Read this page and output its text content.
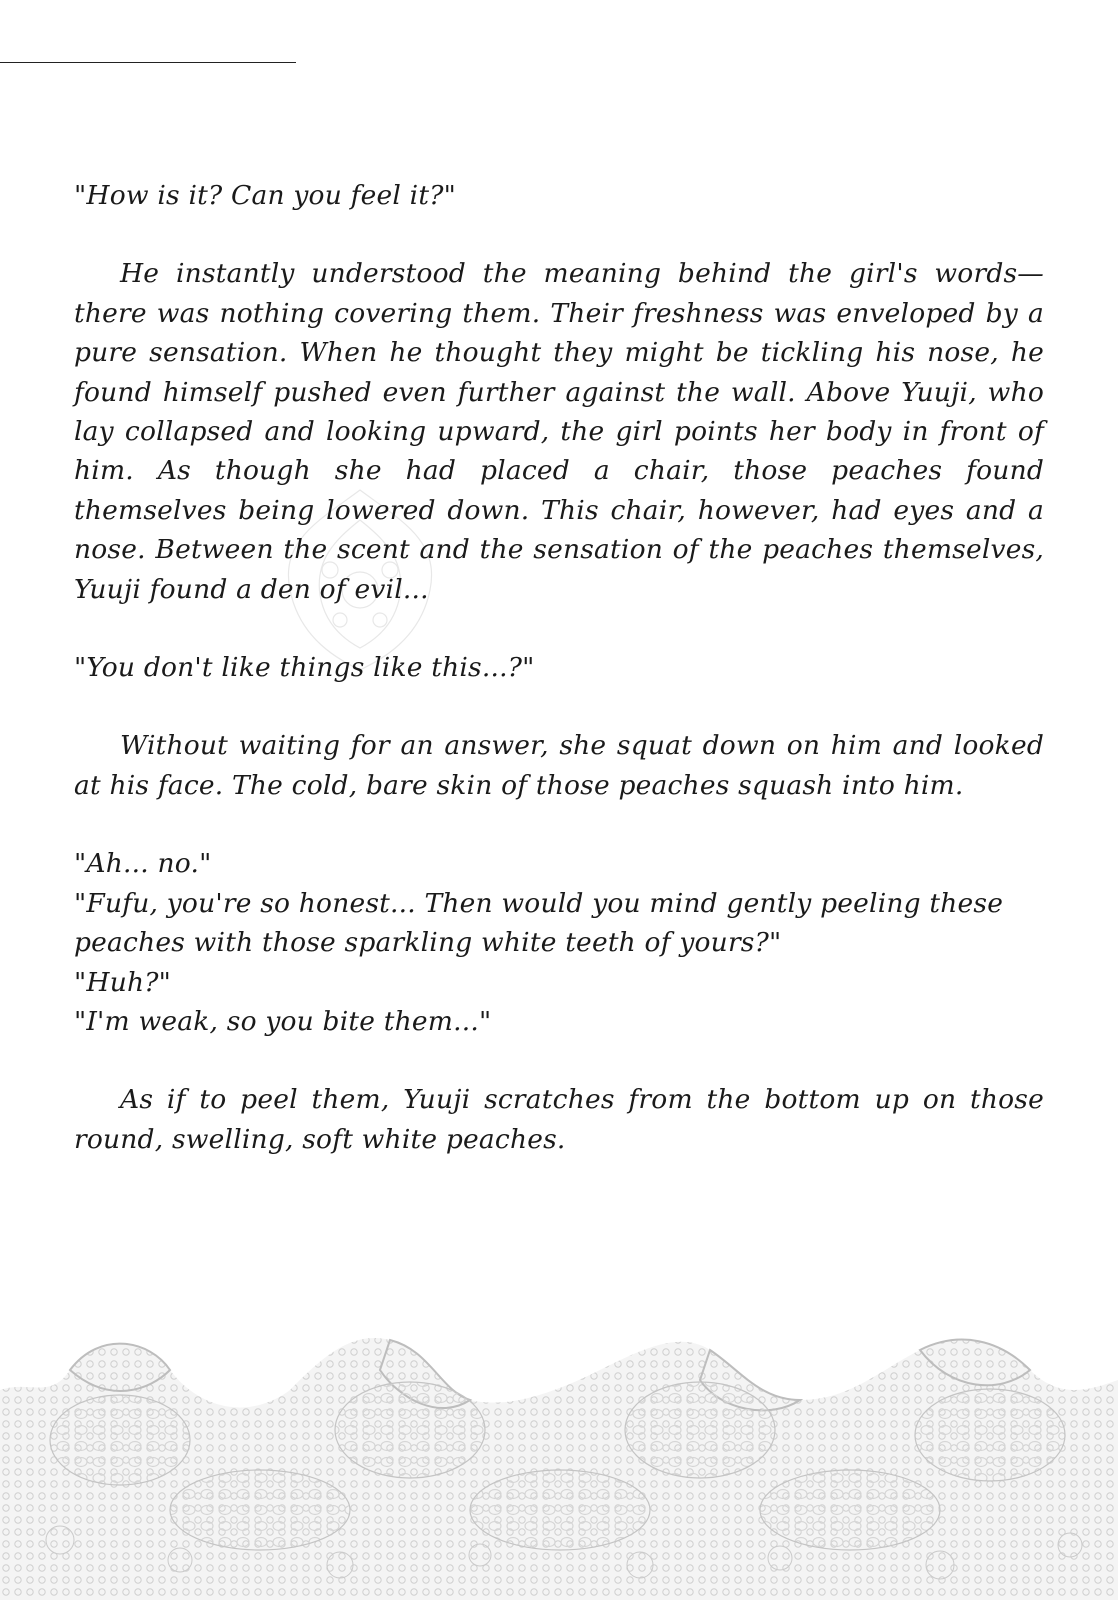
"How is it? Can you feel it?"

He instantly understood the meaning behind the girl's words—there was nothing covering them. Their freshness was enveloped by a pure sensation. When he thought they might be tickling his nose, he found himself pushed even further against the wall. Above Yuuji, who lay collapsed and looking upward, the girl points her body in front of him. As though she had placed a chair, those peaches found themselves being lowered down. This chair, however, had eyes and a nose. Between the scent and the sensation of the peaches themselves, Yuuji found a den of evil...

"You don't like things like this...?"

Without waiting for an answer, she squat down on him and looked at his face. The cold, bare skin of those peaches squash into him.

"Ah... no."

"Fufu, you're so honest... Then would you mind gently peeling these peaches with those sparkling white teeth of yours?"

"Huh?"

"I'm weak, so you bite them..."

As if to peel them, Yuuji scratches from the bottom up on those round, swelling, soft white peaches.
